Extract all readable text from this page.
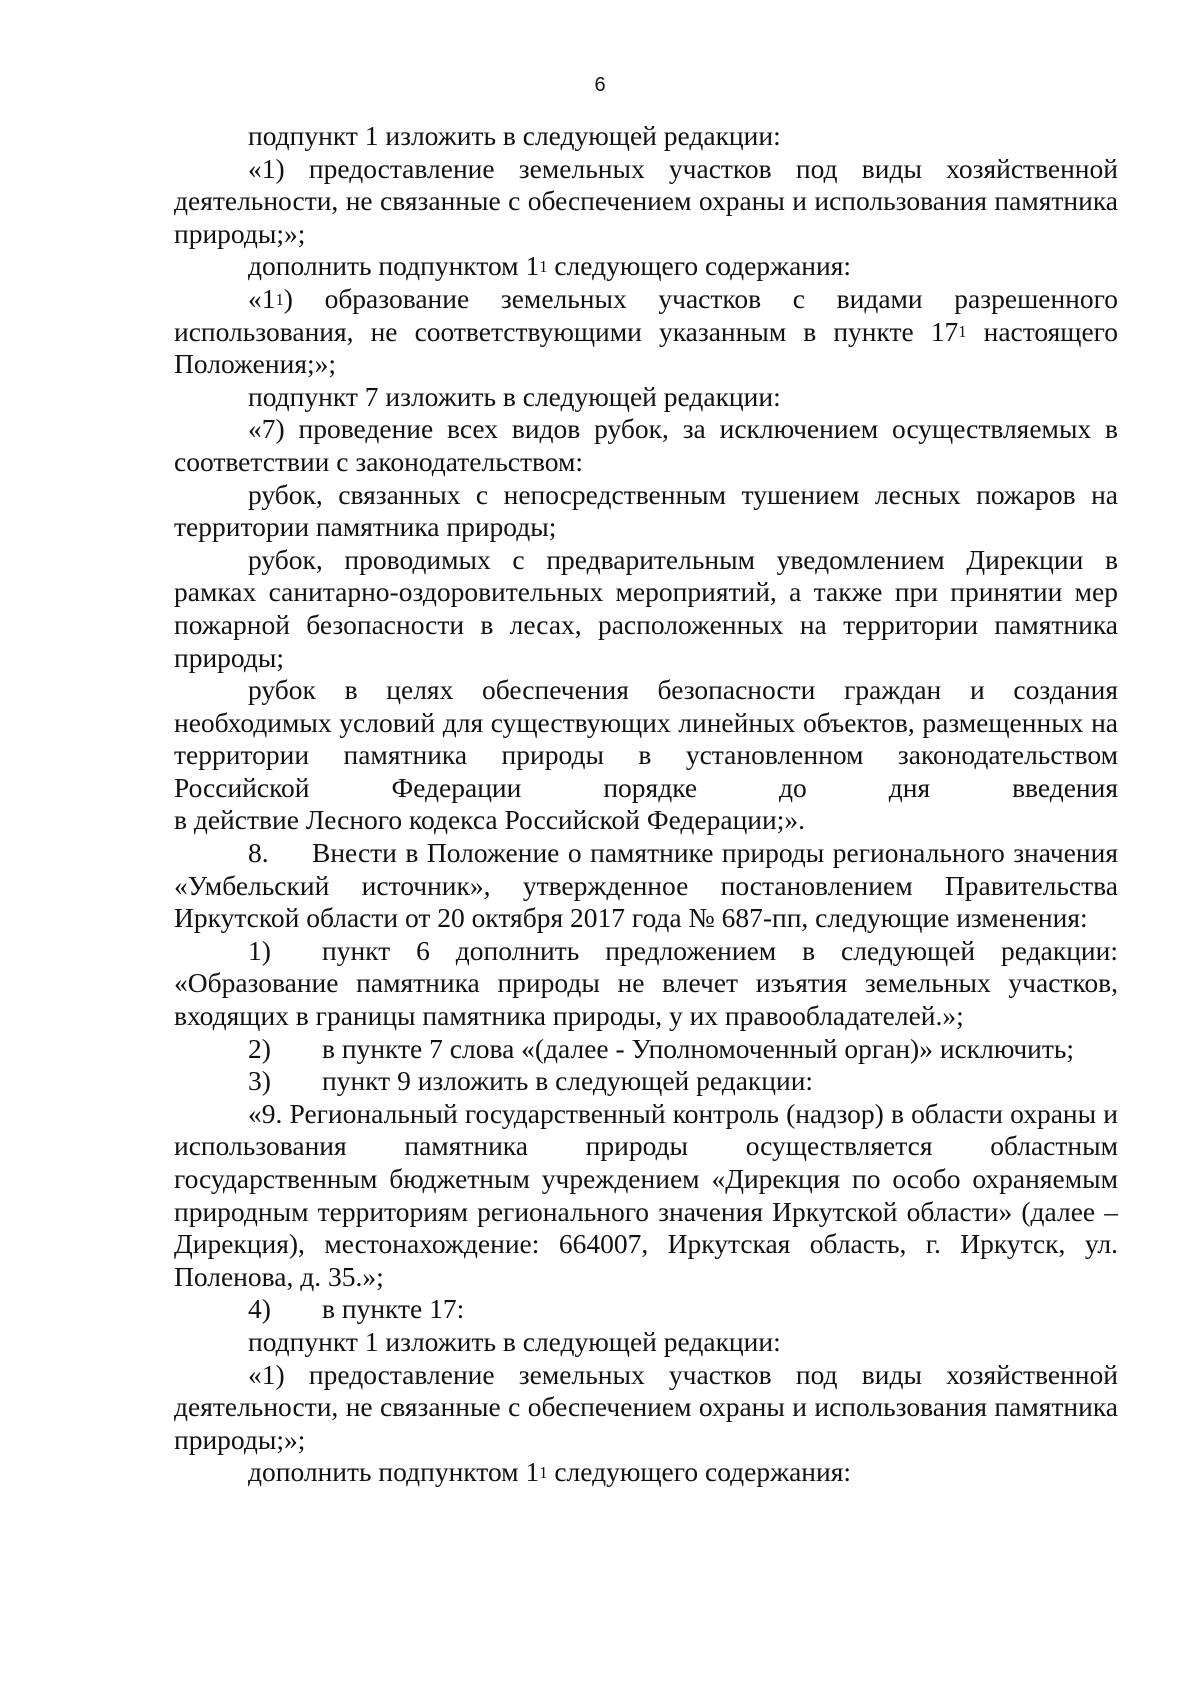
6

подпункт 1 изложить в следующей редакции:

«1) предоставление земельных участков под виды хозяйственной деятельности, не связанные с обеспечением охраны и использования памятника природы;»;

дополнить подпунктом $1^1$ следующего содержания:

«$1^1$) образование земельных участков с видами разрешенного использования, не соответствующими указанным в пункте $17^1$ настоящего Положения;»;

подпункт 7 изложить в следующей редакции:

«7) проведение всех видов рубок, за исключением осуществляемых в соответствии с законодательством:

рубок, связанных с непосредственным тушением лесных пожаров на территории памятника природы;

рубок, проводимых с предварительным уведомлением Дирекции в рамках санитарно-оздоровительных мероприятий, а также при принятии мер пожарной безопасности в лесах, расположенных на территории памятника природы;

рубок в целях обеспечения безопасности граждан и создания необходимых условий для существующих линейных объектов, размещенных на территории памятника природы в установленном законодательством Российской Федерации порядке до дня введения

в действие Лесного кодекса Российской Федерации;».

8. Внести в Положение о памятнике природы регионального значения «Умбельский источник», утвержденное постановлением Правительства Иркутской области от 20 октября 2017 года № 687-пп, следующие изменения:

1) пункт 6 дополнить предложением в следующей редакции: «Образование памятника природы не влечет изъятия земельных участков, входящих в границы памятника природы, у их правообладателей.»;

2) в пункте 7 слова «(далее - Уполномоченный орган)» исключить;

3) пункт 9 изложить в следующей редакции:

«9. Региональный государственный контроль (надзор) в области охраны и использования памятника природы осуществляется областным государственным бюджетным учреждением «Дирекция по особо охраняемым природным территориям регионального значения Иркутской области» (далее – Дирекция), местонахождение: 664007, Иркутская область, г. Иркутск, ул. Поленова, д. 35.»;

4) в пункте 17:

подпункт 1 изложить в следующей редакции:

«1) предоставление земельных участков под виды хозяйственной деятельности, не связанные с обеспечением охраны и использования памятника природы;»;

дополнить подпунктом $1^1$ следующего содержания:
